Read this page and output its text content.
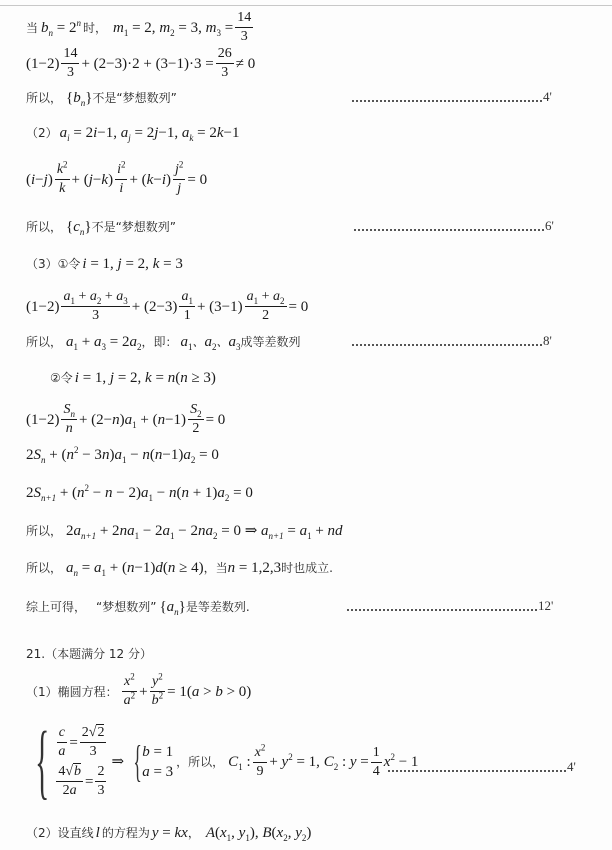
当 $b_n = 2^n$ 时， $m_1 = 2$, $m_2 = 3$, $m_3 = \frac{14}{3}$
$(1-2) \frac{14}{3} + (2-3)\cdot 2 + (3-1)\cdot 3 = \frac{26}{3} \ne 0$
所以， $\{b_n\}$ 不是“梦想数列”	4'
（2） $a_i = 2i-1$, $a_j = 2j-1$, $a_k = 2k-1$
$(i-j) \frac{k^2}{k} + (j-k) \frac{i^2}{i} + (k-i) \frac{j^2}{j} = 0$
所以， $\{c_n\}$ 不是“梦想数列”	6'
（3） ①令 i = 1, j = 2, k = 3
$(1-2) \frac{a_1 + a_2 + a_3}{3} + (2-3) \frac{a_1}{1} + (3-1) \frac{a_1 + a_2}{2} = 0$
所以， $a_1 + a_3 = 2a_2$ ，即： $a_1$、$a_2$、$a_3$ 成等差数列	8'
②令 i = 1, j = 2, k = n(n ≥ 3)
$(1-2) \frac{S_n}{n} + (2-n)a_1 + (n-1) \frac{S_2}{2} = 0$
$2S_n + (n^2 - 3n)a_1 - n(n-1)a_2 = 0$
$2S_{n+1} + (n^2 - n - 2)a_1 - n(n + 1)a_2 = 0$
所以， $2a_{n+1} + 2na_1 - 2a_1 - 2na_2 = 0$ ⇒ $a_{n+1} = a_1$ + nd
所以， $a_n = a_1 + (n-1)d(n \ge 4)$ ，当 n = 1,2,3 时也成立.
综上可得， “梦想数列” $\{a_n\}$ 是等差数列.	12'
21.（本题满分 12 分）
（1） 椭圆方程： $\frac{x^2}{a^2} + \frac{y^2}{b^2} = 1(a > b > 0)$
{ $\frac{c}{a} = \frac{2√2}{3}$
$\frac{4√b}{2a} = \frac{2}{3}$
⇒ { b = 1
a = 3
，所以， $C_1$ : $\frac{x^2}{9} + y^2 = 1$, $C_2$ : $y = \frac{1}{4} x^2 - 1$	4'
（2） 设直线 l 的方程为 y = kx ， $A(x_1$, $y_1$), $B(x_2$, $y_2$)
